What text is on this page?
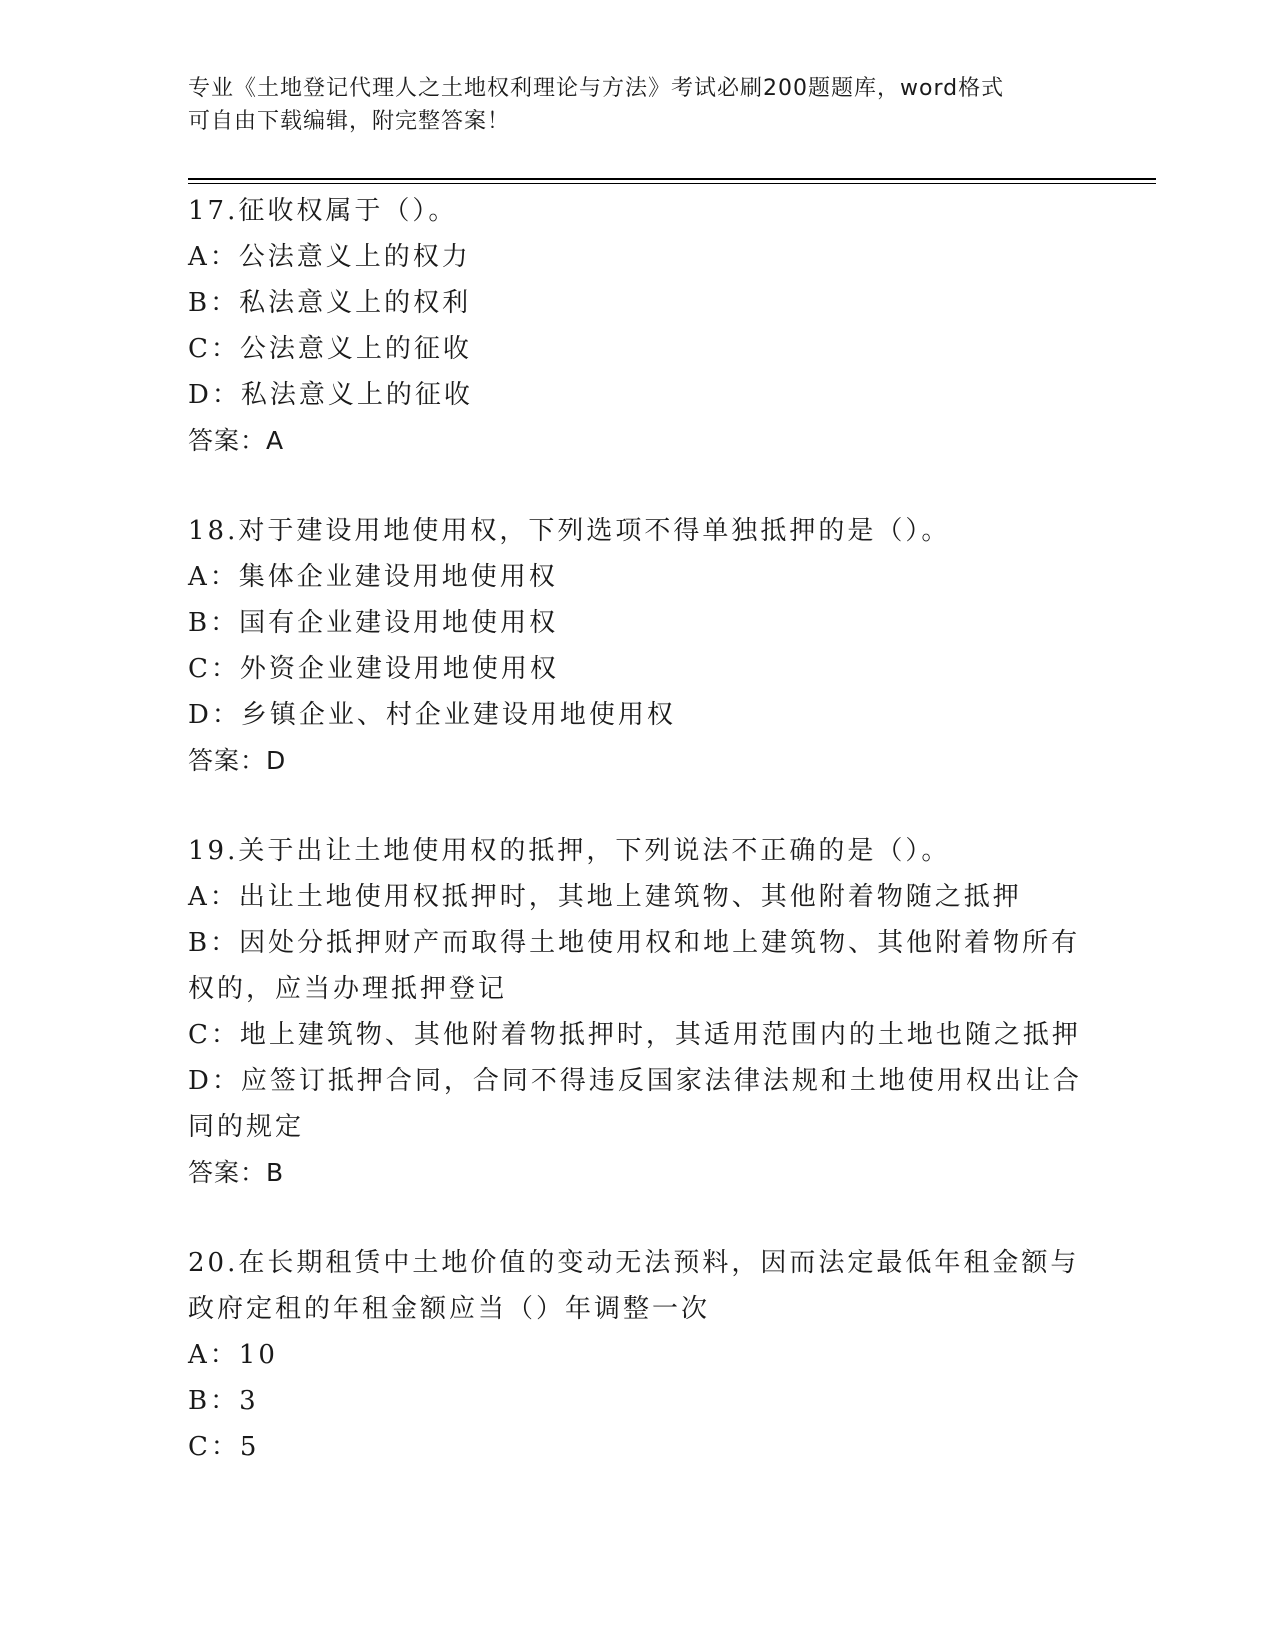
专业《土地登记代理人之土地权利理论与方法》考试必刷200题题库，word格式
可自由下载编辑，附完整答案！
17.征收权属于（）。
A：公法意义上的权力
B：私法意义上的权利
C：公法意义上的征收
D：私法意义上的征收
答案：A
18.对于建设用地使用权，下列选项不得单独抵押的是（）。
A：集体企业建设用地使用权
B：国有企业建设用地使用权
C：外资企业建设用地使用权
D：乡镇企业、村企业建设用地使用权
答案：D
19.关于出让土地使用权的抵押，下列说法不正确的是（）。
A：出让土地使用权抵押时，其地上建筑物、其他附着物随之抵押
B：因处分抵押财产而取得土地使用权和地上建筑物、其他附着物所有权的，应当办理抵押登记
C：地上建筑物、其他附着物抵押时，其适用范围内的土地也随之抵押
D：应签订抵押合同，合同不得违反国家法律法规和土地使用权出让合同的规定
答案：B
20.在长期租赁中土地价值的变动无法预料，因而法定最低年租金额与政府定租的年租金额应当（）年调整一次
A：10
B：3
C：5
